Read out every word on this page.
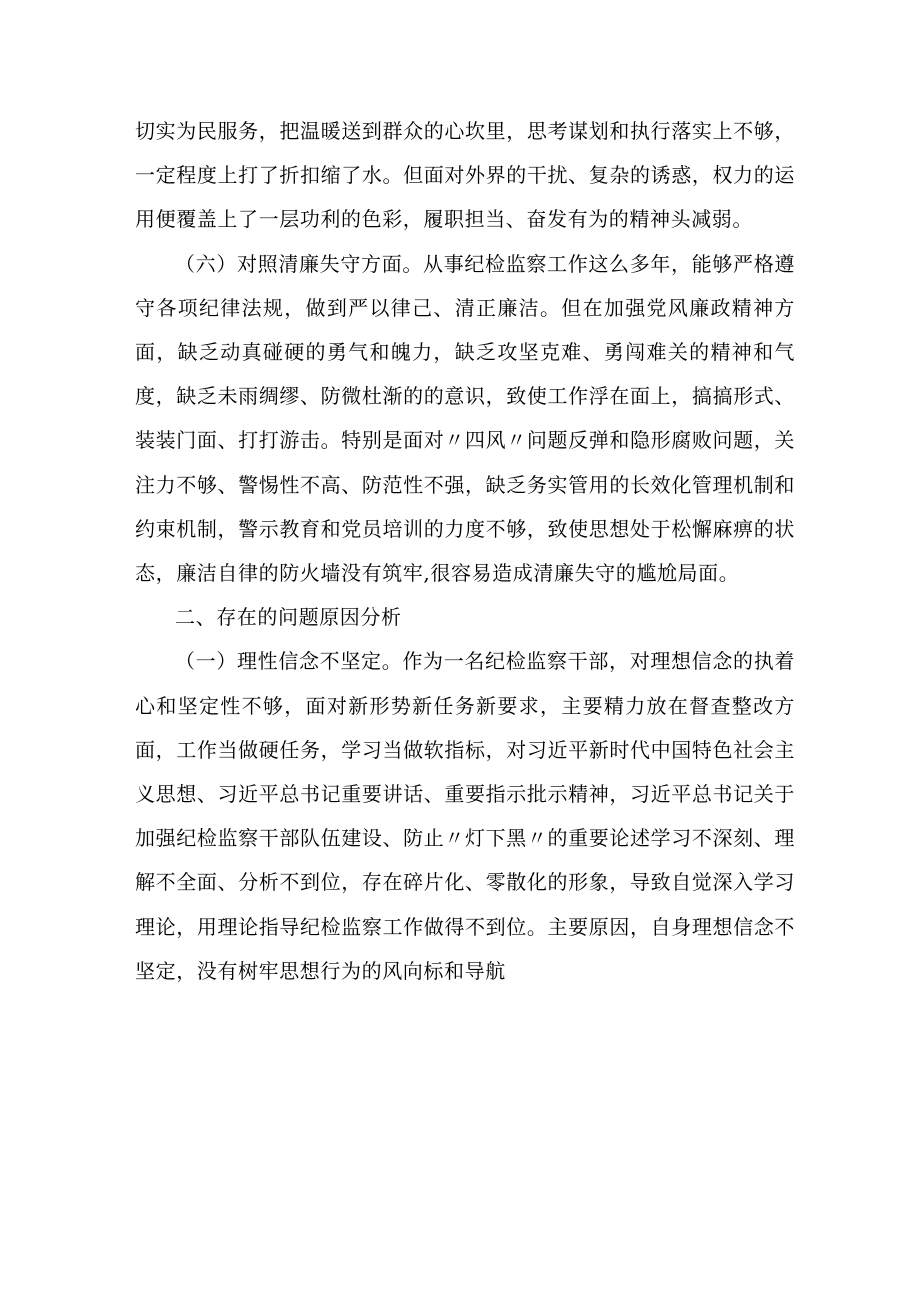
切实为民服务，把温暖送到群众的心坎里，思考谋划和执行落实上不够，一定程度上打了折扣缩了水。但面对外界的干扰、复杂的诱惑，权力的运用便覆盖上了一层功利的色彩，履职担当、奋发有为的精神头减弱。

（六）对照清廉失守方面。从事纪检监察工作这么多年，能够严格遵守各项纪律法规，做到严以律己、清正廉洁。但在加强党风廉政精神方面，缺乏动真碰硬的勇气和魄力，缺乏攻坚克难、勇闯难关的精神和气度，缺乏未雨绸缪、防微杜渐的的意识，致使工作浮在面上，搞搞形式、装装门面、打打游击。特别是面对〃四风〃问题反弹和隐形腐败问题，关注力不够、警惕性不高、防范性不强，缺乏务实管用的长效化管理机制和约束机制，警示教育和党员培训的力度不够，致使思想处于松懈麻痹的状态，廉洁自律的防火墙没有筑牢,很容易造成清廉失守的尴尬局面。

二、存在的问题原因分析

（一）理性信念不坚定。作为一名纪检监察干部，对理想信念的执着心和坚定性不够，面对新形势新任务新要求，主要精力放在督查整改方面，工作当做硬任务，学习当做软指标，对习近平新时代中国特色社会主义思想、习近平总书记重要讲话、重要指示批示精神，习近平总书记关于加强纪检监察干部队伍建设、防止〃灯下黑〃的重要论述学习不深刻、理解不全面、分析不到位，存在碎片化、零散化的形象，导致自觉深入学习理论，用理论指导纪检监察工作做得不到位。主要原因，自身理想信念不坚定，没有树牢思想行为的风向标和导航
